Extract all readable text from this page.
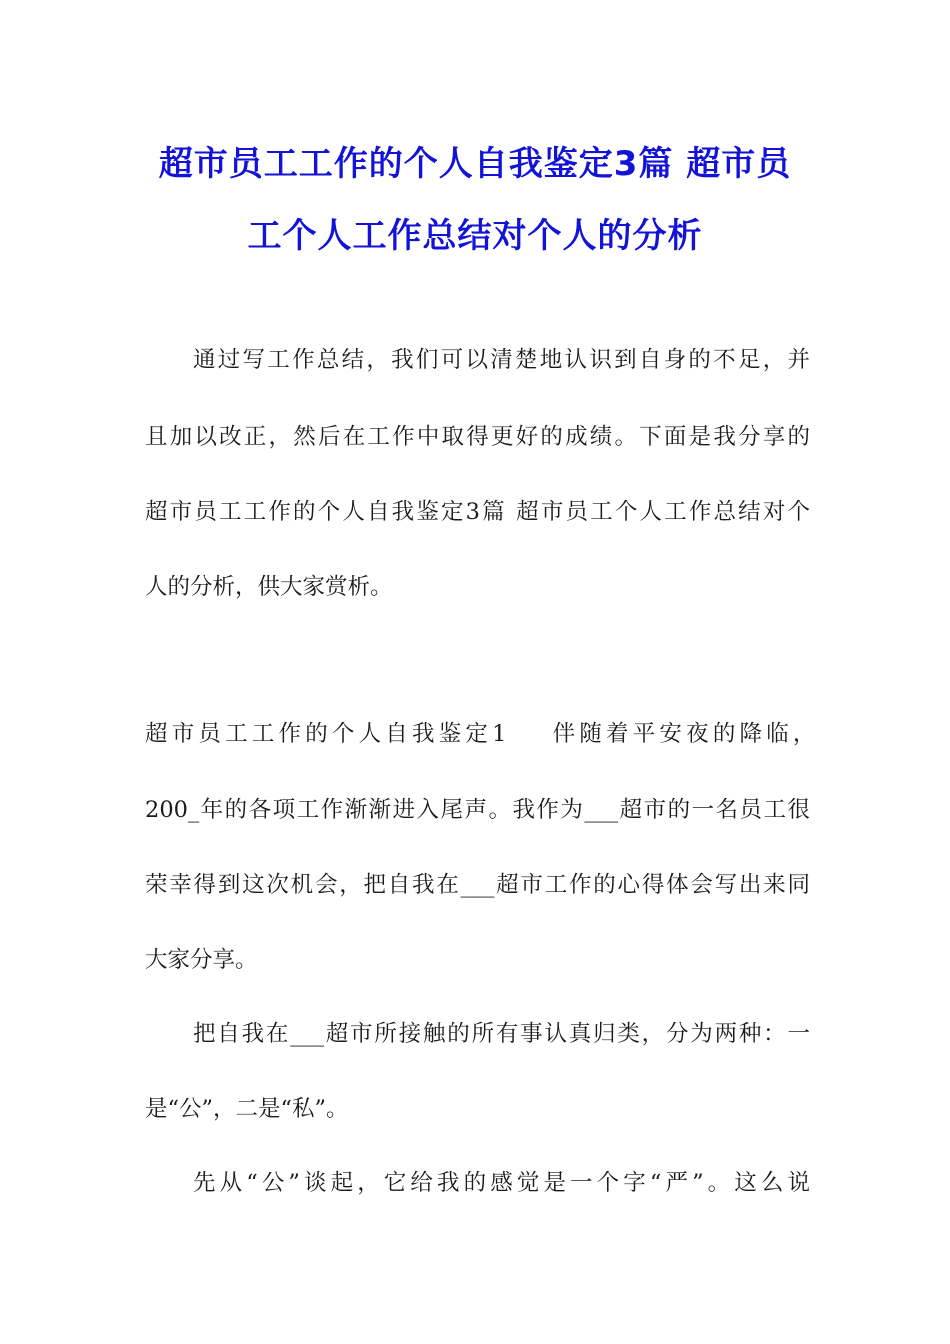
超市员工工作的个人自我鉴定3篇 超市员
工个人工作总结对个人的分析
通过写工作总结，我们可以清楚地认识到自身的不足，并
且加以改正，然后在工作中取得更好的成绩。下面是我分享的
超市员工工作的个人自我鉴定3篇 超市员工个人工作总结对个
人的分析，供大家赏析。
超市员工工作的个人自我鉴定1 伴随着平安夜的降临，
200_年的各项工作渐渐进入尾声。我作为___超市的一名员工很
荣幸得到这次机会，把自我在___超市工作的心得体会写出来同
大家分享。
把自我在___超市所接触的所有事认真归类，分为两种：一
是“公”，二是“私”。
先从“公”谈起，它给我的感觉是一个字“严”。这么说
